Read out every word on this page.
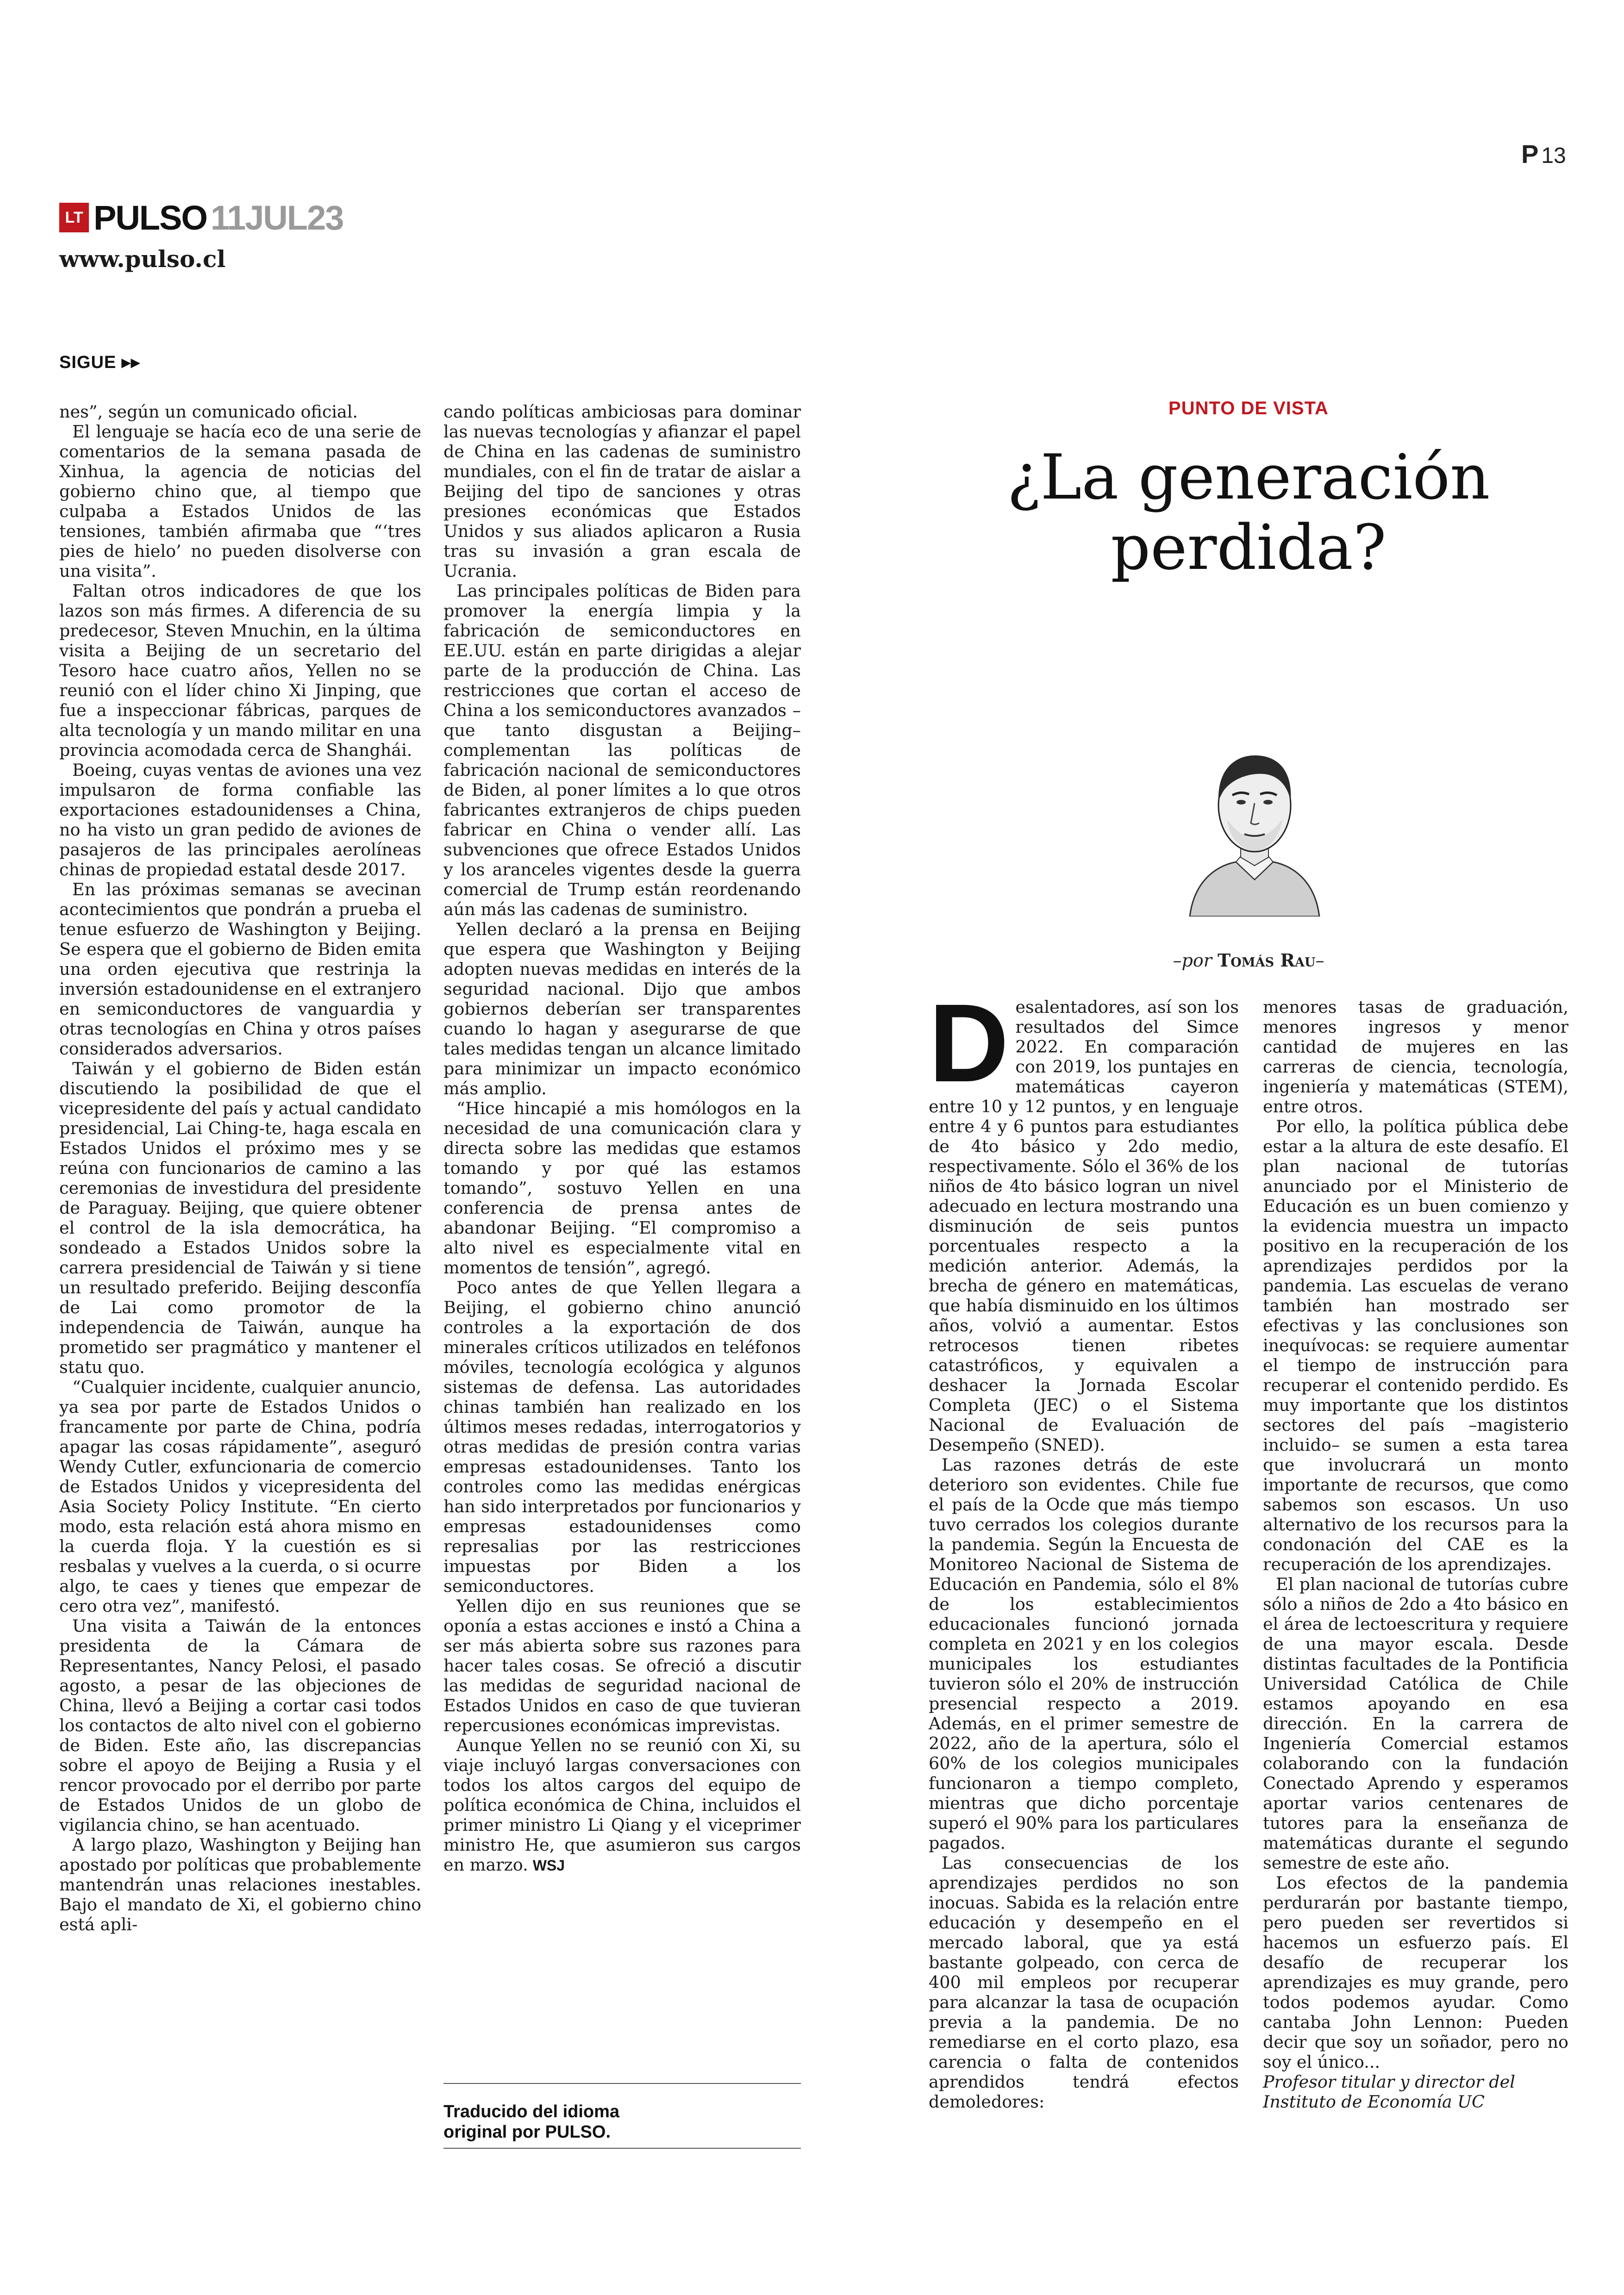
P 13
LT PULSO 11JUL23
www.pulso.cl
SIGUE ▸▸

nes”, según un comunicado oficial.

El lenguaje se hacía eco de una serie de comentarios de la semana pasada de Xinhua, la agencia de noticias del gobierno chino que, al tiempo que culpaba a Estados Unidos de las tensiones, también afirmaba que “‘tres pies de hielo’ no pueden disolverse con una visita”.

Faltan otros indicadores de que los lazos son más firmes. A diferencia de su predecesor, Steven Mnuchin, en la última visita a Beijing de un secretario del Tesoro hace cuatro años, Yellen no se reunió con el líder chino Xi Jinping, que fue a inspeccionar fábricas, parques de alta tecnología y un mando militar en una provincia acomodada cerca de Shanghái.

Boeing, cuyas ventas de aviones una vez impulsaron de forma confiable las exportaciones estadounidenses a China, no ha visto un gran pedido de aviones de pasajeros de las principales aerolíneas chinas de propiedad estatal desde 2017.

En las próximas semanas se avecinan acontecimientos que pondrán a prueba el tenue esfuerzo de Washington y Beijing. Se espera que el gobierno de Biden emita una orden ejecutiva que restrinja la inversión estadounidense en el extranjero en semiconductores de vanguardia y otras tecnologías en China y otros países considerados adversarios.

Taiwán y el gobierno de Biden están discutiendo la posibilidad de que el vicepresidente del país y actual candidato presidencial, Lai Ching-te, haga escala en Estados Unidos el próximo mes y se reúna con funcionarios de camino a las ceremonias de investidura del presidente de Paraguay. Beijing, que quiere obtener el control de la isla democrática, ha sondeado a Estados Unidos sobre la carrera presidencial de Taiwán y si tiene un resultado preferido. Beijing desconfía de Lai como promotor de la independencia de Taiwán, aunque ha prometido ser pragmático y mantener el statu quo.

“Cualquier incidente, cualquier anuncio, ya sea por parte de Estados Unidos o francamente por parte de China, podría apagar las cosas rápidamente”, aseguró Wendy Cutler, exfuncionaria de comercio de Estados Unidos y vicepresidenta del Asia Society Policy Institute. “En cierto modo, esta relación está ahora mismo en la cuerda floja. Y la cuestión es si resbalas y vuelves a la cuerda, o si ocurre algo, te caes y tienes que empezar de cero otra vez”, manifestó.

Una visita a Taiwán de la entonces presidenta de la Cámara de Representantes, Nancy Pelosi, el pasado agosto, a pesar de las objeciones de China, llevó a Beijing a cortar casi todos los contactos de alto nivel con el gobierno de Biden. Este año, las discrepancias sobre el apoyo de Beijing a Rusia y el rencor provocado por el derribo por parte de Estados Unidos de un globo de vigilancia chino, se han acentuado.

A largo plazo, Washington y Beijing han apostado por políticas que probablemente mantendrán unas relaciones inestables. Bajo el mandato de Xi, el gobierno chino está apli-

cando políticas ambiciosas para dominar las nuevas tecnologías y afianzar el papel de China en las cadenas de suministro mundiales, con el fin de tratar de aislar a Beijing del tipo de sanciones y otras presiones económicas que Estados Unidos y sus aliados aplicaron a Rusia tras su invasión a gran escala de Ucrania.

Las principales políticas de Biden para promover la energía limpia y la fabricación de semiconductores en EE.UU. están en parte dirigidas a alejar parte de la producción de China. Las restricciones que cortan el acceso de China a los semiconductores avanzados –que tanto disgustan a Beijing– complementan las políticas de fabricación nacional de semiconductores de Biden, al poner límites a lo que otros fabricantes extranjeros de chips pueden fabricar en China o vender allí. Las subvenciones que ofrece Estados Unidos y los aranceles vigentes desde la guerra comercial de Trump están reordenando aún más las cadenas de suministro.

Yellen declaró a la prensa en Beijing que espera que Washington y Beijing adopten nuevas medidas en interés de la seguridad nacional. Dijo que ambos gobiernos deberían ser transparentes cuando lo hagan y asegurarse de que tales medidas tengan un alcance limitado para minimizar un impacto económico más amplio.

“Hice hincapié a mis homólogos en la necesidad de una comunicación clara y directa sobre las medidas que estamos tomando y por qué las estamos tomando”, sostuvo Yellen en una conferencia de prensa antes de abandonar Beijing. “El compromiso a alto nivel es especialmente vital en momentos de tensión”, agregó.

Poco antes de que Yellen llegara a Beijing, el gobierno chino anunció controles a la exportación de dos minerales críticos utilizados en teléfonos móviles, tecnología ecológica y algunos sistemas de defensa. Las autoridades chinas también han realizado en los últimos meses redadas, interrogatorios y otras medidas de presión contra varias empresas estadounidenses. Tanto los controles como las medidas enérgicas han sido interpretados por funcionarios y empresas estadounidenses como represalias por las restricciones impuestas por Biden a los semiconductores.

Yellen dijo en sus reuniones que se oponía a estas acciones e instó a China a ser más abierta sobre sus razones para hacer tales cosas. Se ofreció a discutir las medidas de seguridad nacional de Estados Unidos en caso de que tuvieran repercusiones económicas imprevistas.

Aunque Yellen no se reunió con Xi, su viaje incluyó largas conversaciones con todos los altos cargos del equipo de política económica de China, incluidos el primer ministro Li Qiang y el viceprimer ministro He, que asumieron sus cargos en marzo. WSJ

Traducido del idioma
original por PULSO.
PUNTO DE VISTA
¿La generación
perdida?
–por Tomás Rau–

Desalentadores, así son los resultados del Simce 2022. En comparación con 2019, los puntajes en matemáticas cayeron entre 10 y 12 puntos, y en lenguaje entre 4 y 6 puntos para estudiantes de 4to básico y 2do medio, respectivamente. Sólo el 36% de los niños de 4to básico logran un nivel adecuado en lectura mostrando una disminución de seis puntos porcentuales respecto a la medición anterior. Además, la brecha de género en matemáticas, que había disminuido en los últimos años, volvió a aumentar. Estos retrocesos tienen ribetes catastróficos, y equivalen a deshacer la Jornada Escolar Completa (JEC) o el Sistema Nacional de Evaluación de Desempeño (SNED).

Las razones detrás de este deterioro son evidentes. Chile fue el país de la Ocde que más tiempo tuvo cerrados los colegios durante la pandemia. Según la Encuesta de Monitoreo Nacional de Sistema de Educación en Pandemia, sólo el 8% de los establecimientos educacionales funcionó jornada completa en 2021 y en los colegios municipales los estudiantes tuvieron sólo el 20% de instrucción presencial respecto a 2019. Además, en el primer semestre de 2022, año de la apertura, sólo el 60% de los colegios municipales funcionaron a tiempo completo, mientras que dicho porcentaje superó el 90% para los particulares pagados.

Las consecuencias de los aprendizajes perdidos no son inocuas. Sabida es la relación entre educación y desempeño en el mercado laboral, que ya está bastante golpeado, con cerca de 400 mil empleos por recuperar para alcanzar la tasa de ocupación previa a la pandemia. De no remediarse en el corto plazo, esa carencia o falta de contenidos aprendidos tendrá efectos demoledores:

menores tasas de graduación, menores ingresos y menor cantidad de mujeres en las carreras de ciencia, tecnología, ingeniería y matemáticas (STEM), entre otros.

Por ello, la política pública debe estar a la altura de este desafío. El plan nacional de tutorías anunciado por el Ministerio de Educación es un buen comienzo y la evidencia muestra un impacto positivo en la recuperación de los aprendizajes perdidos por la pandemia. Las escuelas de verano también han mostrado ser efectivas y las conclusiones son inequívocas: se requiere aumentar el tiempo de instrucción para recuperar el contenido perdido. Es muy importante que los distintos sectores del país –magisterio incluido– se sumen a esta tarea que involucrará un monto importante de recursos, que como sabemos son escasos. Un uso alternativo de los recursos para la condonación del CAE es la recuperación de los aprendizajes.

El plan nacional de tutorías cubre sólo a niños de 2do a 4to básico en el área de lectoescritura y requiere de una mayor escala. Desde distintas facultades de la Pontificia Universidad Católica de Chile estamos apoyando en esa dirección. En la carrera de Ingeniería Comercial estamos colaborando con la fundación Conectado Aprendo y esperamos aportar varios centenares de tutores para la enseñanza de matemáticas durante el segundo semestre de este año.

Los efectos de la pandemia perdurarán por bastante tiempo, pero pueden ser revertidos si hacemos un esfuerzo país. El desafío de recuperar los aprendizajes es muy grande, pero todos podemos ayudar. Como cantaba John Lennon: Pueden decir que soy un soñador, pero no soy el único...

Profesor titular y director del
Instituto de Economía UC
